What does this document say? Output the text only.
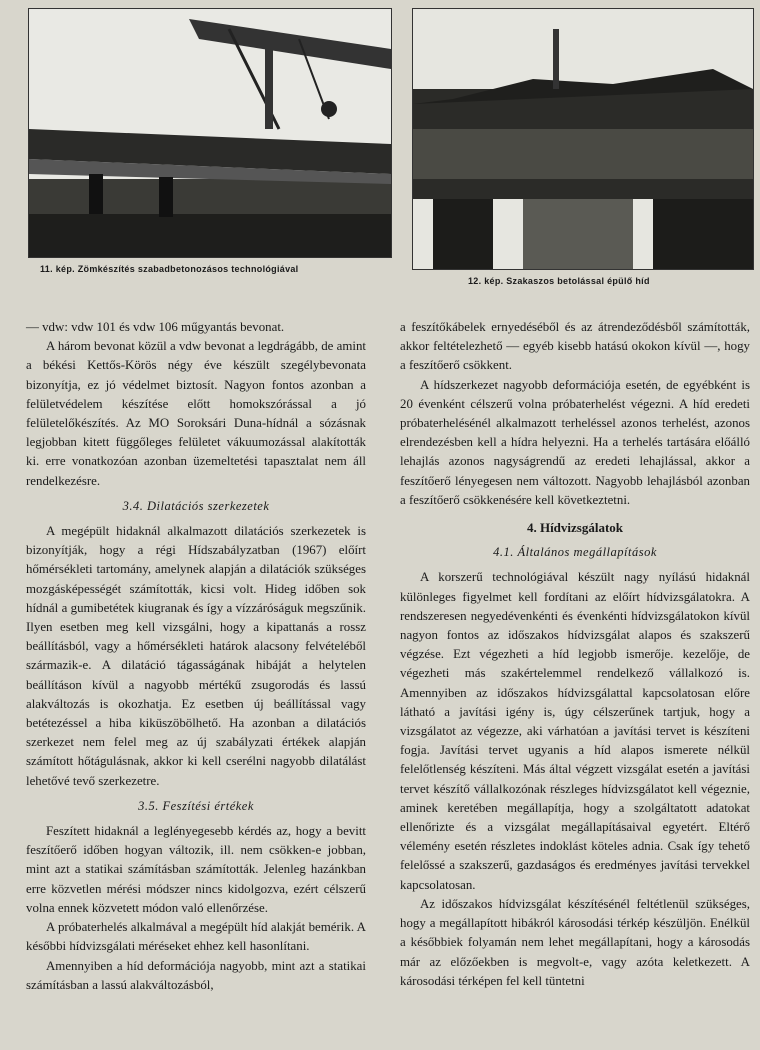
11. kép. Zömkészítés szabadbetonozásos technológiával
12. kép. Szakaszos betolással épülő híd

— vdw: vdw 101 és vdw 106 műgyantás bevonat.

A három bevonat közül a vdw bevonat a legdrágább, de amint a békési Kettős-Körös négy éve készült szegélybevonata bizonyítja, ez jó védelmet biztosít. Nagyon fontos azonban a felületvédelem készítése előtt homokszórással a jó felületelőkészítés. Az MO Soroksári Duna-hídnál a sózásnak legjobban kitett függőleges felületet vákuumozással alakították ki. erre vonatkozóan azonban üzemeltetési tapasztalat nem áll rendelkezésre.

3.4. Dilatációs szerkezetek

A megépült hidaknál alkalmazott dilatációs szerkezetek is bizonyítják, hogy a régi Hídszabályzatban (1967) előírt hőmérsékleti tartomány, amelynek alapján a dilatációk szükséges mozgásképességét számították, kicsi volt. Hideg időben sok hídnál a gumibetétek kiugranak és így a vízzáróságuk megszűnik. Ilyen esetben meg kell vizsgálni, hogy a kipattanás a rossz beállításból, vagy a hőmérsékleti határok alacsony felvételéből származik-e. A dilatáció tágasságának hibáját a helytelen beállításon kívül a nagyobb mértékű zsugorodás és lassú alakváltozás is okozhatja. Ez esetben új beállítással vagy betétezéssel a hiba kiküszöbölhető. Ha azonban a dilatációs szerkezet nem felel meg az új szabályzati értékek alapján számított hőtágulásnak, akkor ki kell cserélni nagyobb dilatálást lehetővé tevő szerkezetre.

3.5. Feszítési értékek

Feszített hidaknál a leglényegesebb kérdés az, hogy a bevitt feszítőerő időben hogyan változik, ill. nem csökken-e jobban, mint azt a statikai számításban számították. Jelenleg hazánkban erre közvetlen mérési módszer nincs kidolgozva, ezért célszerű volna ennek közvetett módon való ellenőrzése.

A próbaterhelés alkalmával a megépült híd alakját bemérik. A későbbi hídvizsgálati méréseket ehhez kell hasonlítani.

Amennyiben a híd deformációja nagyobb, mint azt a statikai számításban a lassú alakváltozásból,

a feszítőkábelek ernyedéséből és az átrendeződésből számították, akkor feltételezhető — egyéb kisebb hatású okokon kívül —, hogy a feszítőerő csökkent.

A hídszerkezet nagyobb deformációja esetén, de egyébként is 20 évenként célszerű volna próbaterhelést végezni. A híd eredeti próbaterhelésénél alkalmazott terheléssel azonos terhelést, azonos elrendezésben kell a hídra helyezni. Ha a terhelés tartására előálló lehajlás azonos nagyságrendű az eredeti lehajlással, akkor a feszítőerő lényegesen nem változott. Nagyobb lehajlásból azonban a feszítőerő csökkenésére kell következtetni.

4. Hídvizsgálatok
4.1. Általános megállapítások

A korszerű technológiával készült nagy nyílású hidaknál különleges figyelmet kell fordítani az előírt hídvizsgálatokra. A rendszeresen negyedévenkénti és évenkénti hídvizsgálatokon kívül nagyon fontos az időszakos hídvizsgálat alapos és szakszerű végzése. Ezt végezheti a híd legjobb ismerője. kezelője, de végezheti más szakértelemmel rendelkező vállalkozó is. Amennyiben az időszakos hídvizsgálattal kapcsolatosan előre látható a javítási igény is, úgy célszerűnek tartjuk, hogy a vizsgálatot az végezze, aki várhatóan a javítási tervet is készíteni fogja. Javítási tervet ugyanis a híd alapos ismerete nélkül felelőtlenség készíteni. Más által végzett vizsgálat esetén a javítási tervet készítő vállalkozónak részleges hídvizsgálatot kell végeznie, aminek keretében megállapítja, hogy a szolgáltatott adatokat ellenőrizte és a vizsgálat megállapításaival egyetért. Eltérő vélemény esetén részletes indoklást köteles adnia. Csak így tehető felelőssé a szakszerű, gazdaságos és eredményes javítási tervekkel kapcsolatosan.

Az időszakos hídvizsgálat készítésénél feltétlenül szükséges, hogy a megállapított hibákról károsodási térkép készüljön. Enélkül a későbbiek folyamán nem lehet megállapítani, hogy a károsodás már az előzőekben is megvolt-e, vagy azóta keletkezett. A károsodási térképen fel kell tüntetni
